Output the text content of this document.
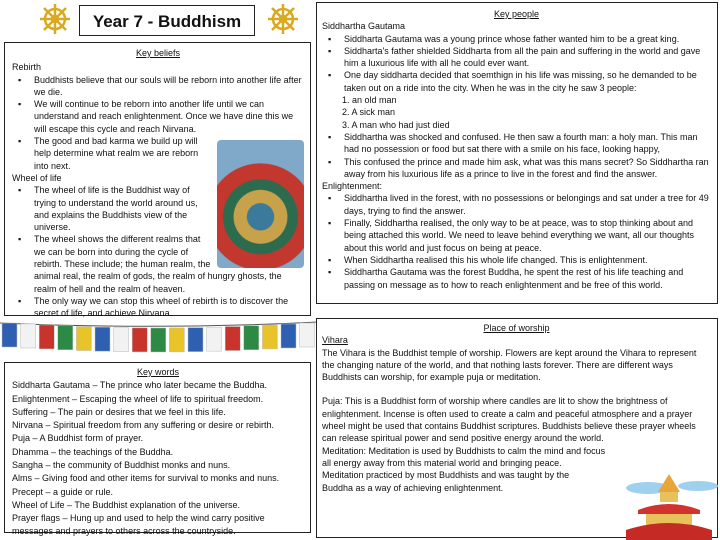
Year 7 - Buddhism
Key beliefs
Rebirth
▪ Buddhists believe that our souls will be reborn into another life after we die.
▪ We will continue to be reborn into another life until we can understand and reach enlightenment. Once we have dine this we will escape this cycle and reach Nirvana.
▪ The good and bad karma we build up will help determine what realm we are reborn into next.
Wheel of life
▪ The wheel of life is the Buddhist way of trying to understand the world around us, and explains the Buddhists view of the universe.
▪ The wheel shows the different realms that we can be born into during the cycle of rebirth. These include; the human realm, the animal real, the realm of gods, the realm of hungry ghosts, the realm of hell and the realm of heaven.
▪ The only way we can stop this wheel of rebirth is to discover the secret of life, and achieve Nirvana.
Key words
Siddharta Gautama – The prince who later became the Buddha.
Enlightenment – Escaping the wheel of life to spiritual freedom.
Suffering – The pain or desires that we feel in this life.
Nirvana – Spiritual freedom from any suffering or desire or rebirth.
Puja – A Buddhist form of prayer.
Dhamma – the teachings of the Buddha.
Sangha – the community of Buddhist monks and nuns.
Alms – Giving food and other items for survival to monks and nuns.
Precept – a guide or rule.
Wheel of Life – The Buddhist explanation of the universe.
Prayer flags – Hung up and used to help the wind carry positive messages and prayers to others across the countryside.
Key people
Siddhartha Gautama
▪ Siddharta Gautama was a young prince whose father wanted him to be a great king.
▪ Siddharta's father shielded Siddharta from all the pain and suffering in the world and gave him a luxurious life with all he could ever want.
▪ One day siddharta decided that soemthign in his life was missing, so he demanded to be taken out on a ride into the city. When he was in the city he saw 3 people:
1. an old man
2. A sick man
3. A man who had just died
▪ Siddhartha was shocked and confused. He then saw a fourth man: a holy man. This man had no possession or food but sat there with a smile on his face, looking happy,
▪ This confused the prince and made him ask, what was this mans secret? So Siddhartha ran away from his luxurious life as a prince to live in the forest and find the answer.
Enlightenment:
▪ Siddhartha lived in the forest, with no possessions or belongings and sat under a tree for 49 days, trying to find the answer.
▪ Finally, Siddhartha realised, the only way to be at peace, was to stop thinking about and being attached this world. We need to leave behind everything we want, all our thoughts about this world and just focus on being at peace.
▪ When Siddhartha realised this his whole life changed. This is enlightenment.
▪ Siddhartha Gautama was the forest Buddha, he spent the rest of his life teaching and passing on message as to how to reach enlightenment and be free of this world.
Place of worship
Vihara

The Vihara is the Buddhist temple of worship. Flowers are kept around the Vihara to represent the changing nature of the world, and that nothing lasts forever. There are different ways Buddhists can worship, for example puja or meditation.

Puja: This is a Buddhist form of worship where candles are lit to show the brightness of enlightenment. Incense is often used to create a calm and peaceful atmosphere and a prayer wheel might be used that contains Buddhist scriptures. Buddhists believe these prayer wheels can release spiritual power and send positive energy around the world.

Meditation: Meditation is used by Buddhists to calm the mind and focus all energy away from this material world and bringing peace.

Meditation practiced by most Buddhists and was taught by the Buddha as a way of achieving enlightenment.
